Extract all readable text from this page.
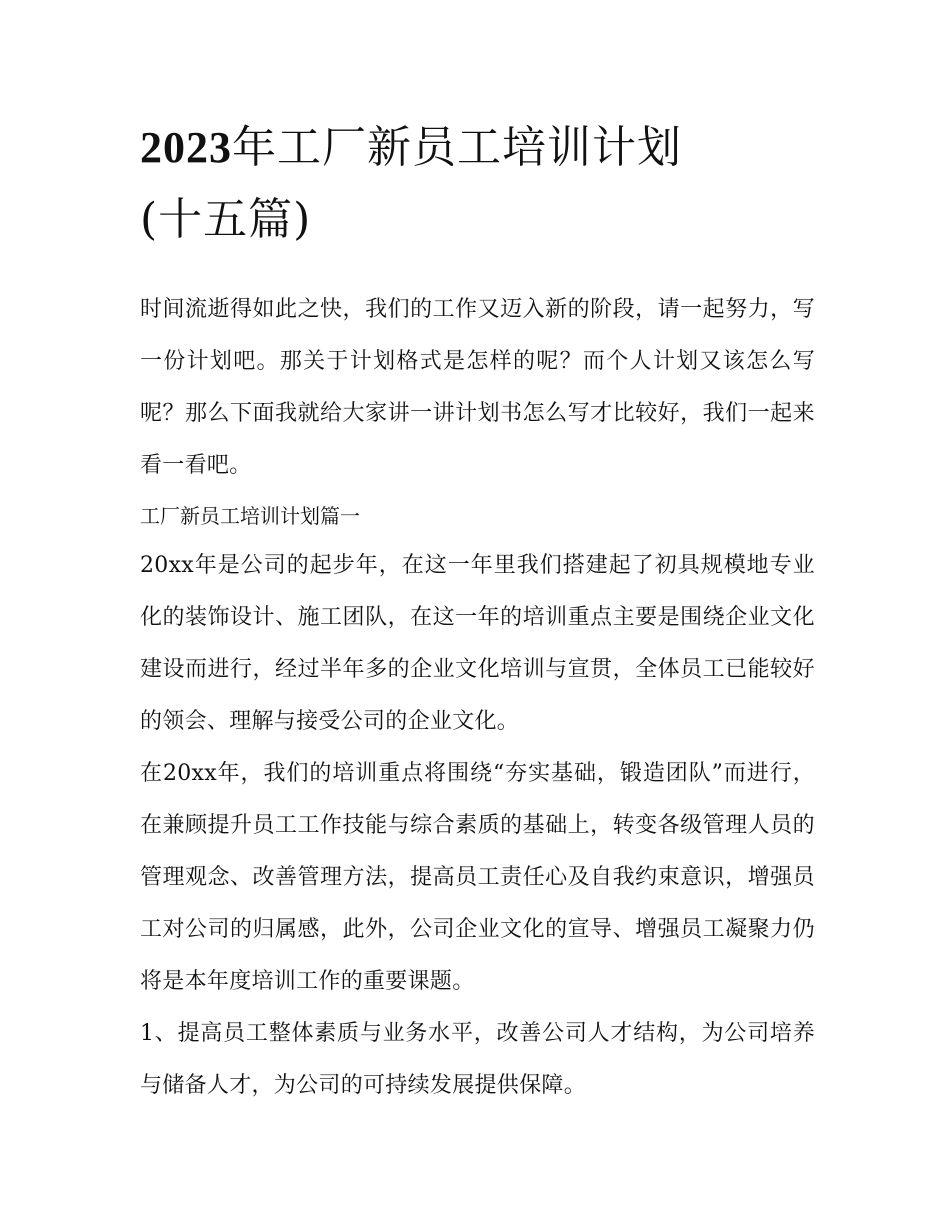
2023年工厂新员工培训计划
(十五篇)

时间流逝得如此之快，我们的工作又迈入新的阶段，请一起努力，写一份计划吧。那关于计划格式是怎样的呢？而个人计划又该怎么写呢？那么下面我就给大家讲一讲计划书怎么写才比较好，我们一起来看一看吧。

工厂新员工培训计划篇一

20xx年是公司的起步年，在这一年里我们搭建起了初具规模地专业化的装饰设计、施工团队，在这一年的培训重点主要是围绕企业文化建设而进行，经过半年多的企业文化培训与宣贯，全体员工已能较好的领会、理解与接受公司的企业文化。

在20xx年，我们的培训重点将围绕“夯实基础，锻造团队”而进行，在兼顾提升员工工作技能与综合素质的基础上，转变各级管理人员的管理观念、改善管理方法，提高员工责任心及自我约束意识，增强员工对公司的归属感，此外，公司企业文化的宣导、增强员工凝聚力仍将是本年度培训工作的重要课题。

1、提高员工整体素质与业务水平，改善公司人才结构，为公司培养与储备人才，为公司的可持续发展提供保障。
